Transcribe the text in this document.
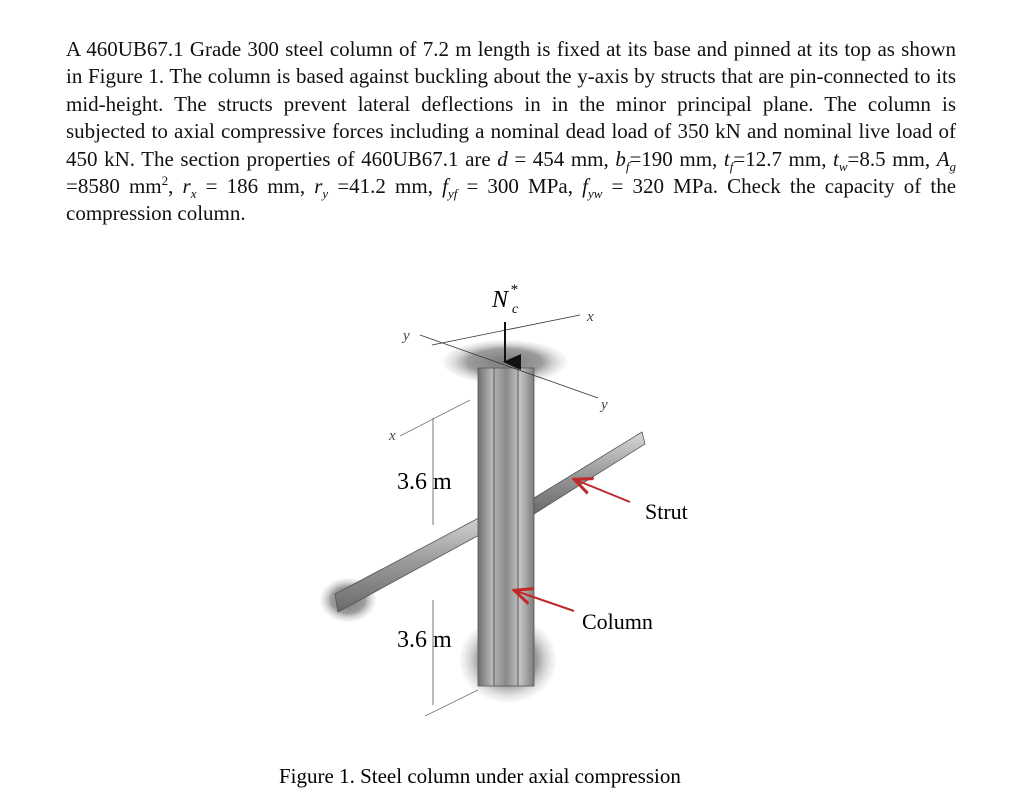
A 460UB67.1 Grade 300 steel column of 7.2 m length is fixed at its base and pinned at its top as shown in Figure 1. The column is based against buckling about the y-axis by structs that are pin-connected to its mid-height. The structs prevent lateral deflections in in the minor principal plane. The column is subjected to axial compressive forces including a nominal dead load of 350 kN and nominal live load of 450 kN. The section properties of 460UB67.1 are d = 454 mm, $b_f=190$ mm, $t_f=12.7$ mm, $t_w=8.5$ mm, $A_g =8580$ $mm^2$, $r_x = 186$ mm, $r_y =41.2$ mm, $f_{yf} = 300$ MPa, $f_{yw} = 320$ MPa. Check the capacity of the compression column.

N *
c	x
y
y
x
3.6 m
3.6 m
Strut
Column
Figure 1. Steel column under axial compression
